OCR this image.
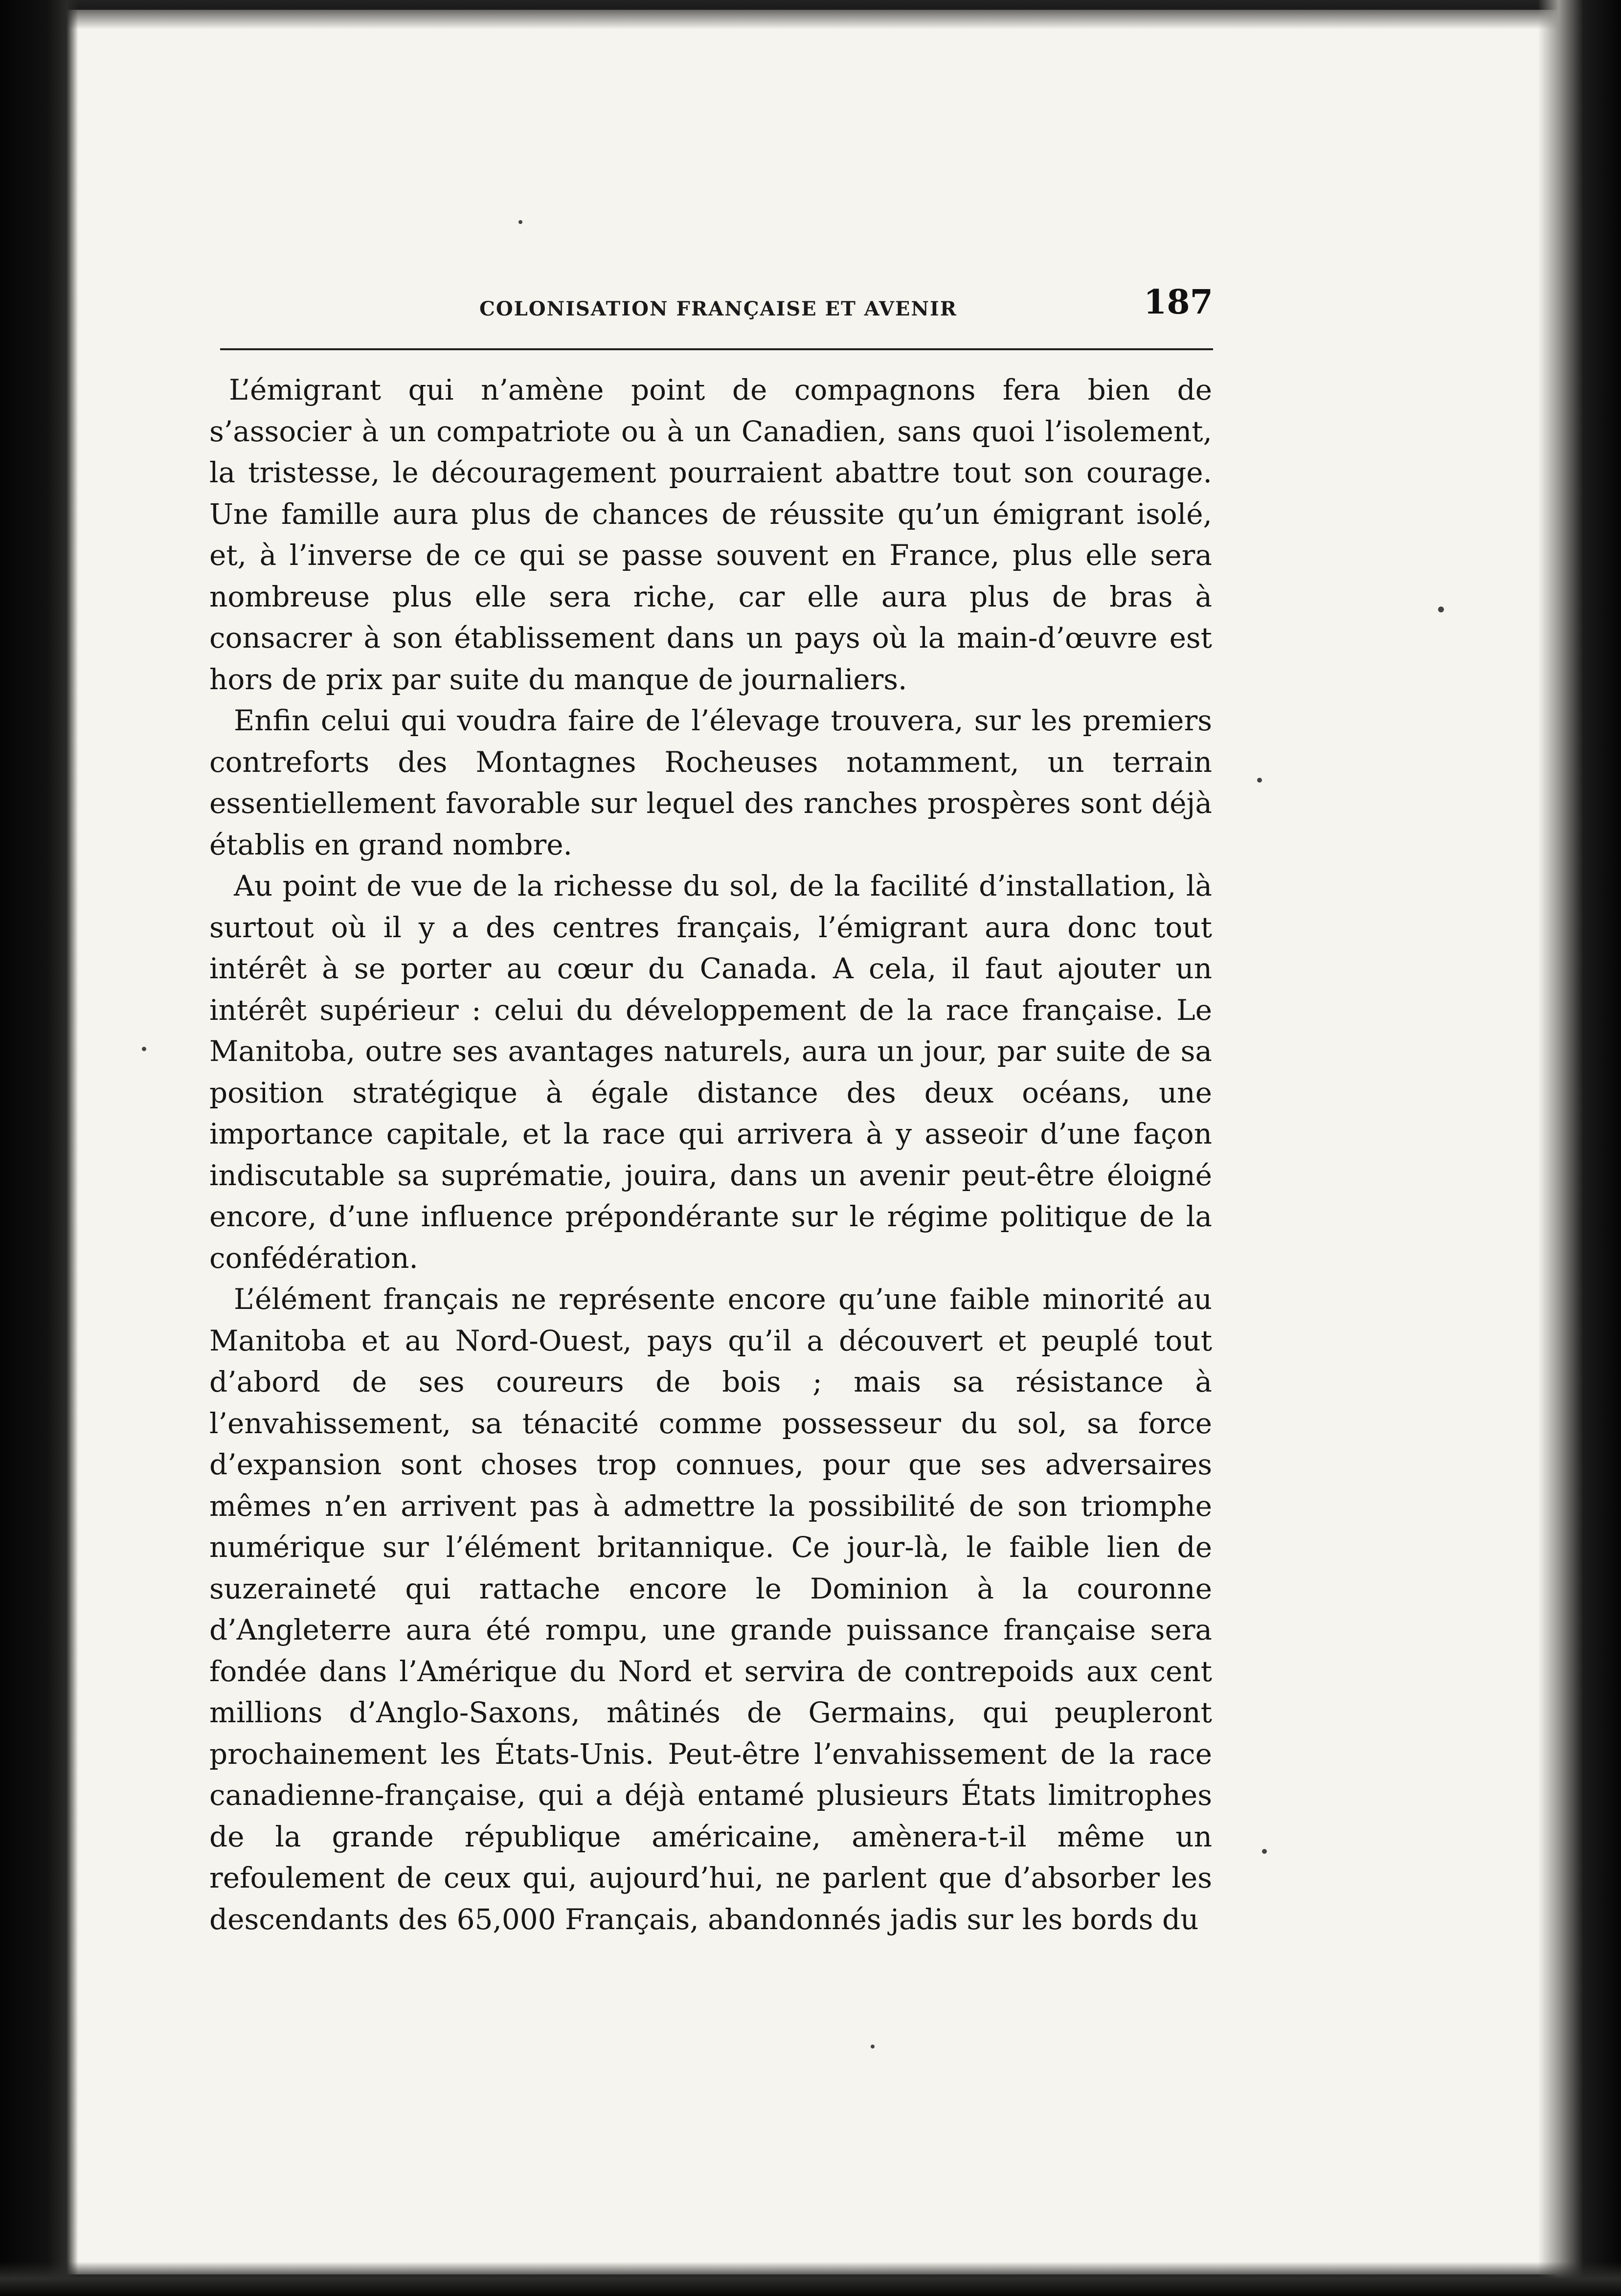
COLONISATION FRANÇAISE ET AVENIR	187

L’émigrant qui n’amène point de compagnons fera bien de s’associer à un compatriote ou à un Canadien, sans quoi l’isolement, la tristesse, le découragement pourraient abattre tout son courage. Une famille aura plus de chances de réussite qu’un émigrant isolé, et, à l’inverse de ce qui se passe souvent en France, plus elle sera nombreuse plus elle sera riche, car elle aura plus de bras à consacrer à son établissement dans un pays où la main-d’œuvre est hors de prix par suite du manque de journaliers.

Enfin celui qui voudra faire de l’élevage trouvera, sur les premiers contreforts des Montagnes Rocheuses notamment, un terrain essentiellement favorable sur lequel des ranches prospères sont déjà établis en grand nombre.

Au point de vue de la richesse du sol, de la facilité d’installation, là surtout où il y a des centres français, l’émigrant aura donc tout intérêt à se porter au cœur du Canada. A cela, il faut ajouter un intérêt supérieur : celui du développement de la race française. Le Manitoba, outre ses avantages naturels, aura un jour, par suite de sa position stratégique à égale distance des deux océans, une importance capitale, et la race qui arrivera à y asseoir d’une façon indiscutable sa suprématie, jouira, dans un avenir peut-être éloigné encore, d’une influence prépondérante sur le régime politique de la confédération.

L’élément français ne représente encore qu’une faible minorité au Manitoba et au Nord-Ouest, pays qu’il a découvert et peuplé tout d’abord de ses coureurs de bois ; mais sa résistance à l’envahissement, sa ténacité comme possesseur du sol, sa force d’expansion sont choses trop connues, pour que ses adversaires mêmes n’en arrivent pas à admettre la possibilité de son triomphe numérique sur l’élément britannique. Ce jour-là, le faible lien de suzeraineté qui rattache encore le Dominion à la couronne d’Angleterre aura été rompu, une grande puissance française sera fondée dans l’Amérique du Nord et servira de contrepoids aux cent millions d’Anglo-Saxons, mâtinés de Germains, qui peupleront prochainement les États-Unis. Peut-être l’envahissement de la race canadienne-française, qui a déjà entamé plusieurs États limitrophes de la grande république américaine, amènera-t-il même un refoulement de ceux qui, aujourd’hui, ne parlent que d’absorber les descendants des 65,000 Français, abandonnés jadis sur les bords du
